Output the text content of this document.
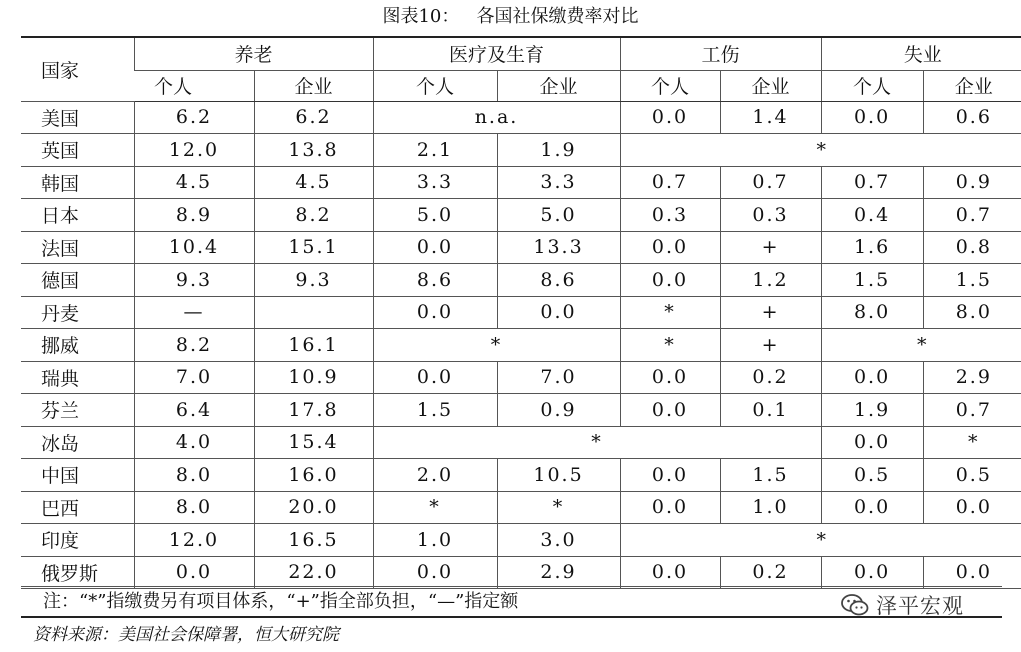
图表10：   各国社保缴费率对比
国家	养老		医疗及生育		工伤		失业	
	个人	企业	个人	企业	个人	企业	个人	企业
美国	6.2	6.2	n.a.		0.0	1.4	0.0	0.6
英国	12.0	13.8	2.1	1.9	*			
韩国	4.5	4.5	3.3	3.3	0.7	0.7	0.7	0.9
日本	8.9	8.2	5.0	5.0	0.3	0.3	0.4	0.7
法国	10.4	15.1	0.0	13.3	0.0	+	1.6	0.8
德国	9.3	9.3	8.6	8.6	0.0	1.2	1.5	1.5
丹麦	—		0.0	0.0	*	+	8.0	8.0
挪威	8.2	16.1	*		*	+	*	
瑞典	7.0	10.9	0.0	7.0	0.0	0.2	0.0	2.9
芬兰	6.4	17.8	1.5	0.9	0.0	0.1	1.9	0.7
冰岛	4.0	15.4	*				0.0	*
中国	8.0	16.0	2.0	10.5	0.0	1.5	0.5	0.5
巴西	8.0	20.0	*	*	0.0	1.0	0.0	0.0
印度	12.0	16.5	1.0	3.0	*			
俄罗斯	0.0	22.0	0.0	2.9	0.0	0.2	0.0	0.0
注：“*”指缴费另有项目体系，“+”指全部负担，“—”指定额	泽平宏观
资料来源：美国社会保障署，恒大研究院
